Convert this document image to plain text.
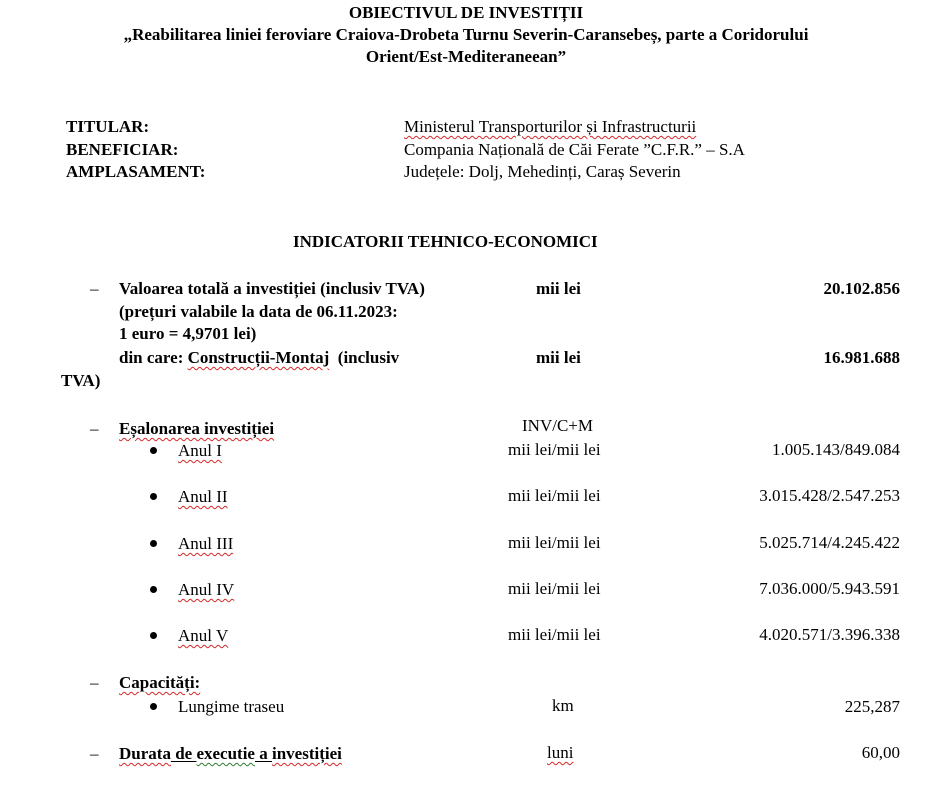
OBIECTIVUL DE INVESTIȚII
„Reabilitarea liniei feroviare Craiova-Drobeta Turnu Severin-Caransebeș, parte a Coridorului
Orient/Est-Mediteraneean”
TITULAR:	Ministerul Transporturilor și Infrastructurii
BENEFICIAR:	Compania Națională de Căi Ferate ”C.F.R.” – S.A
AMPLASAMENT:	Județele: Dolj, Mehedinți, Caraș Severin
INDICATORII TEHNICO-ECONOMICI
– Valoarea totală a investiției (inclusiv TVA)	mii lei	20.102.856
(prețuri valabile la data de 06.11.2023:
1 euro = 4,9701 lei)
din care: Construcții-Montaj  (inclusiv	mii lei	16.981.688
TVA)
– Eșalonarea investiției	INV/C+M
Anul I	mii lei/mii lei	1.005.143/849.084
Anul II	mii lei/mii lei	3.015.428/2.547.253
Anul III	mii lei/mii lei	5.025.714/4.245.422
Anul IV	mii lei/mii lei	7.036.000/5.943.591
Anul V	mii lei/mii lei	4.020.571/3.396.338
– Capacități:
Lungime traseu	km	225,287
– Durata de executie a investiției	luni	60,00
